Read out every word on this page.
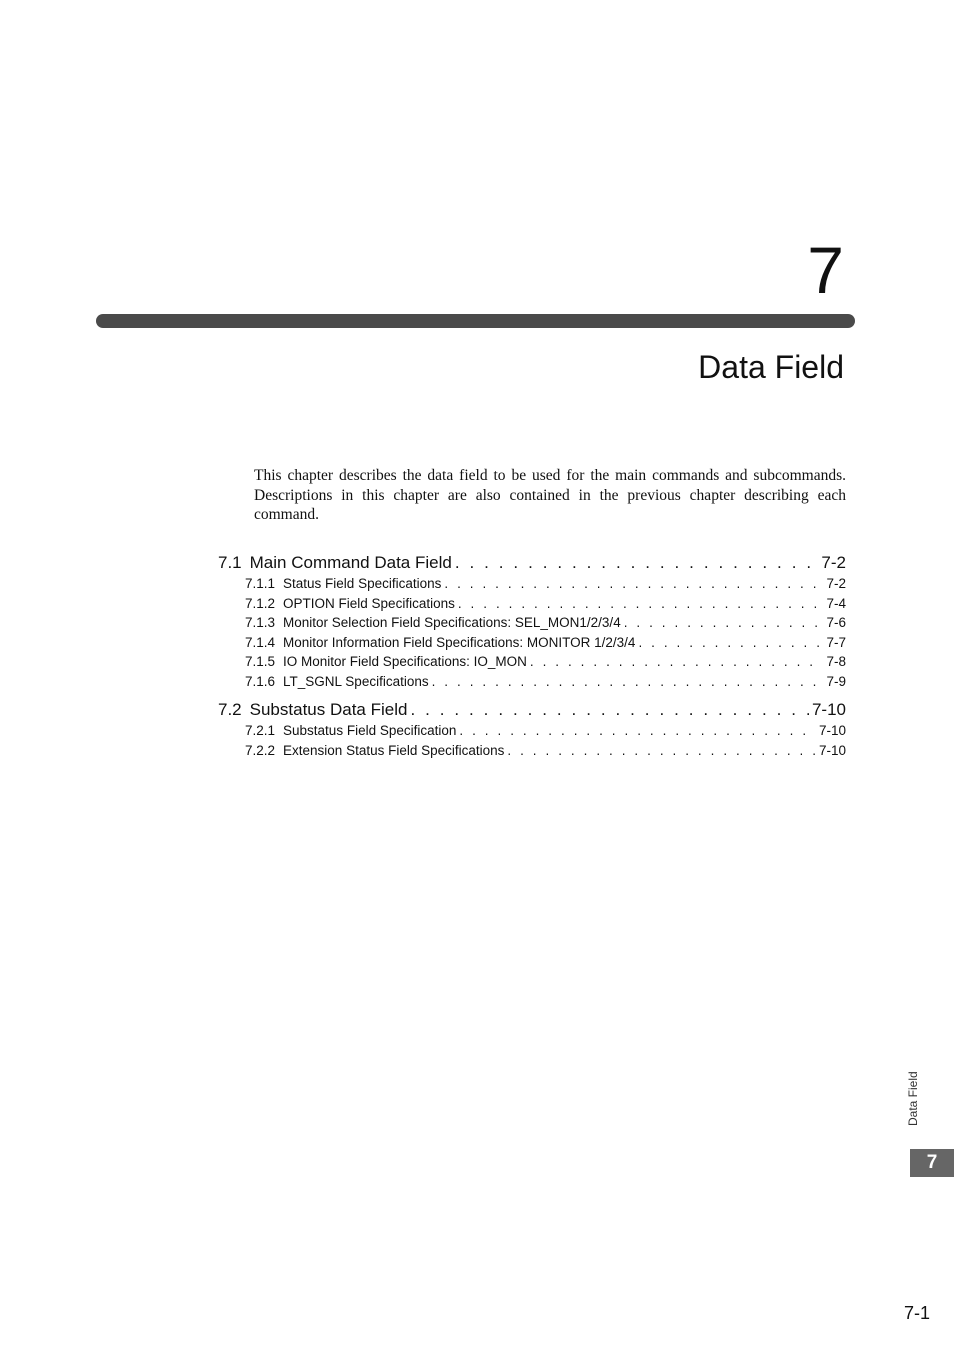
7
Data Field
This chapter describes the data field to be used for the main commands and subcommands. Descriptions in this chapter are also contained in the previous chapter describing each command.
7.1 Main Command Data Field . . .	7-2
7.1.1 Status Field Specifications . . .	7-2
7.1.2 OPTION Field Specifications . . .	7-4
7.1.3 Monitor Selection Field Specifications: SEL_MON1/2/3/4 . . .	7-6
7.1.4 Monitor Information Field Specifications: MONITOR 1/2/3/4 . . .	7-7
7.1.5 IO Monitor Field Specifications: IO_MON . . .	7-8
7.1.6 LT_SGNL Specifications . . .	7-9
7.2 Substatus Data Field . . .	7-10
7.2.1 Substatus Field Specification . . .	7-10
7.2.2 Extension Status Field Specifications . . .	7-10
Data Field
7
7-1
